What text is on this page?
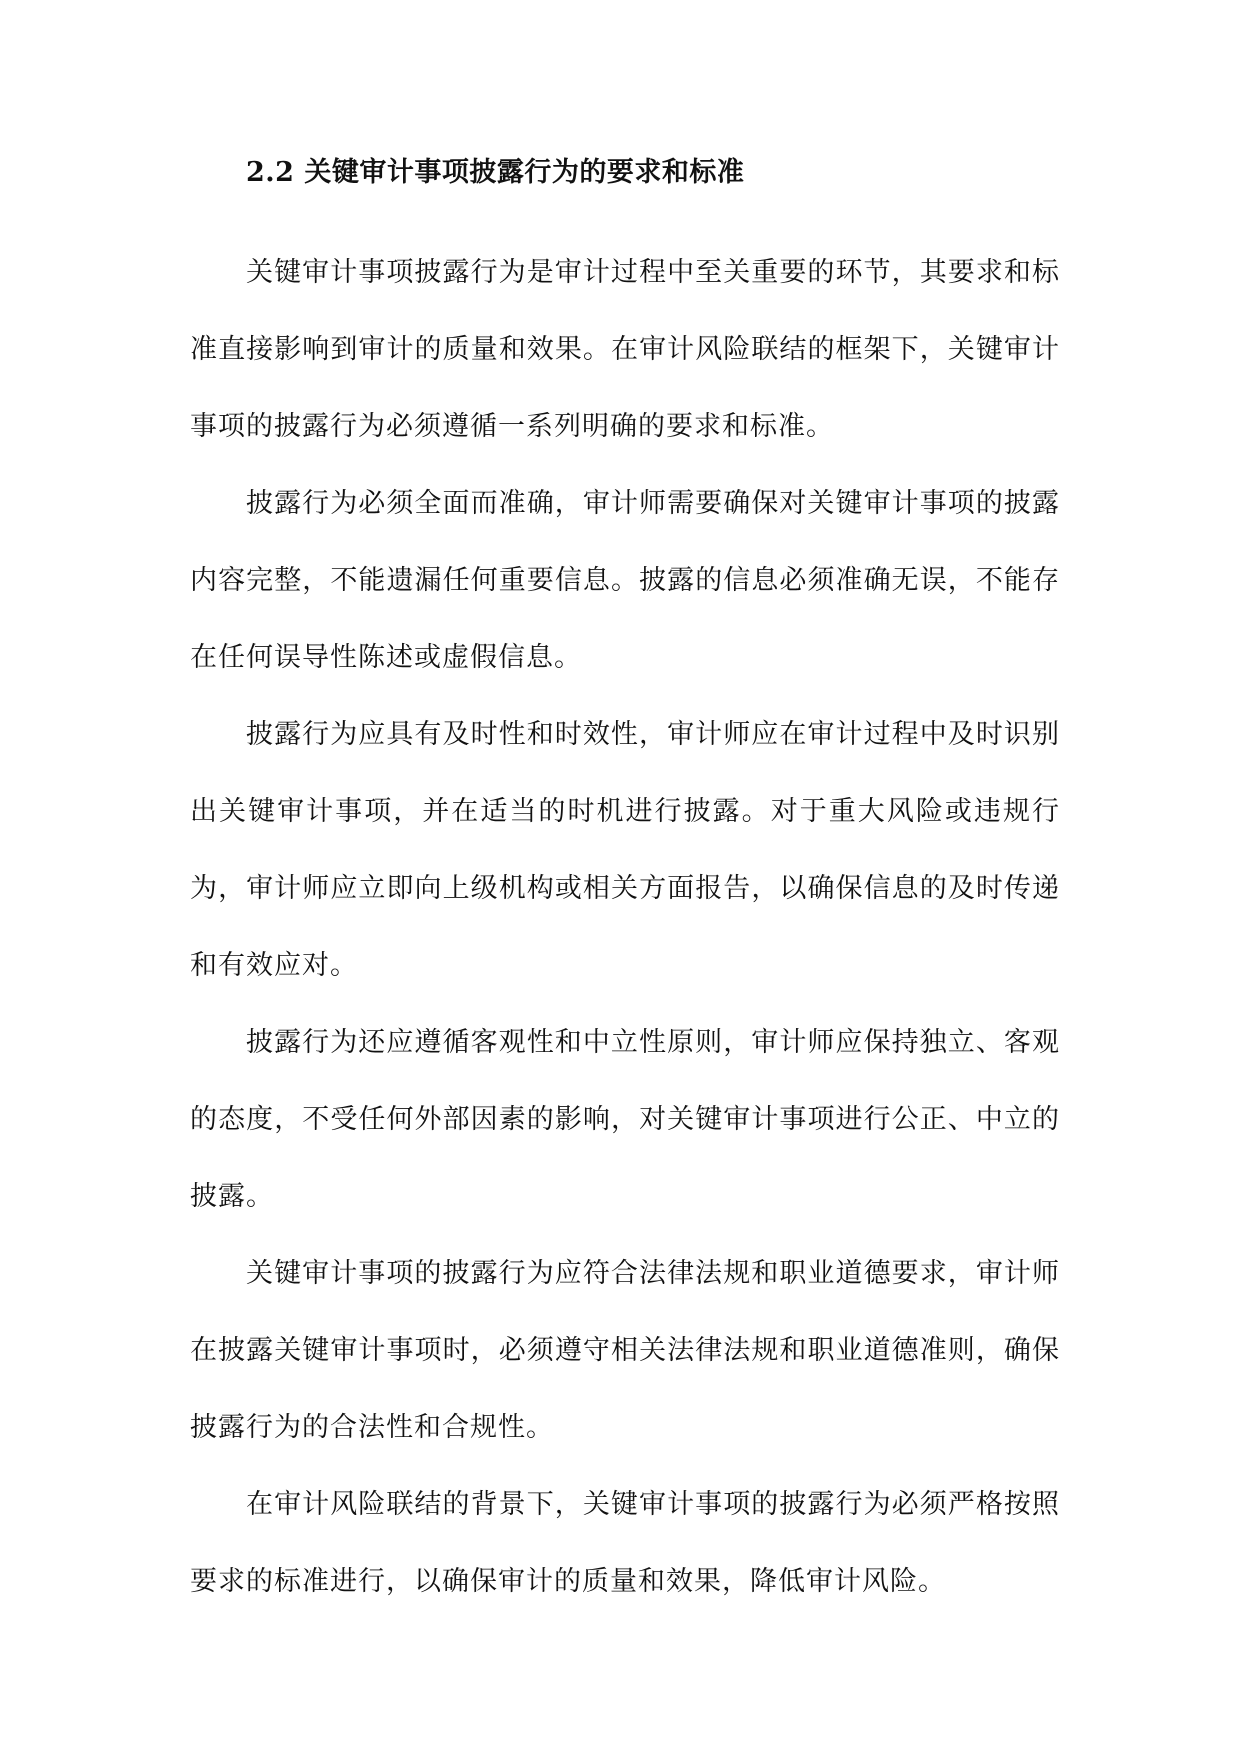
2.2 关键审计事项披露行为的要求和标准

关键审计事项披露行为是审计过程中至关重要的环节，其要求和标准直接影响到审计的质量和效果。在审计风险联结的框架下，关键审计事项的披露行为必须遵循一系列明确的要求和标准。

披露行为必须全面而准确，审计师需要确保对关键审计事项的披露内容完整，不能遗漏任何重要信息。披露的信息必须准确无误，不能存在任何误导性陈述或虚假信息。

披露行为应具有及时性和时效性，审计师应在审计过程中及时识别出关键审计事项，并在适当的时机进行披露。对于重大风险或违规行为，审计师应立即向上级机构或相关方面报告，以确保信息的及时传递和有效应对。

披露行为还应遵循客观性和中立性原则，审计师应保持独立、客观的态度，不受任何外部因素的影响，对关键审计事项进行公正、中立的披露。

关键审计事项的披露行为应符合法律法规和职业道德要求，审计师在披露关键审计事项时，必须遵守相关法律法规和职业道德准则，确保披露行为的合法性和合规性。

在审计风险联结的背景下，关键审计事项的披露行为必须严格按照要求的标准进行，以确保审计的质量和效果，降低审计风险。
